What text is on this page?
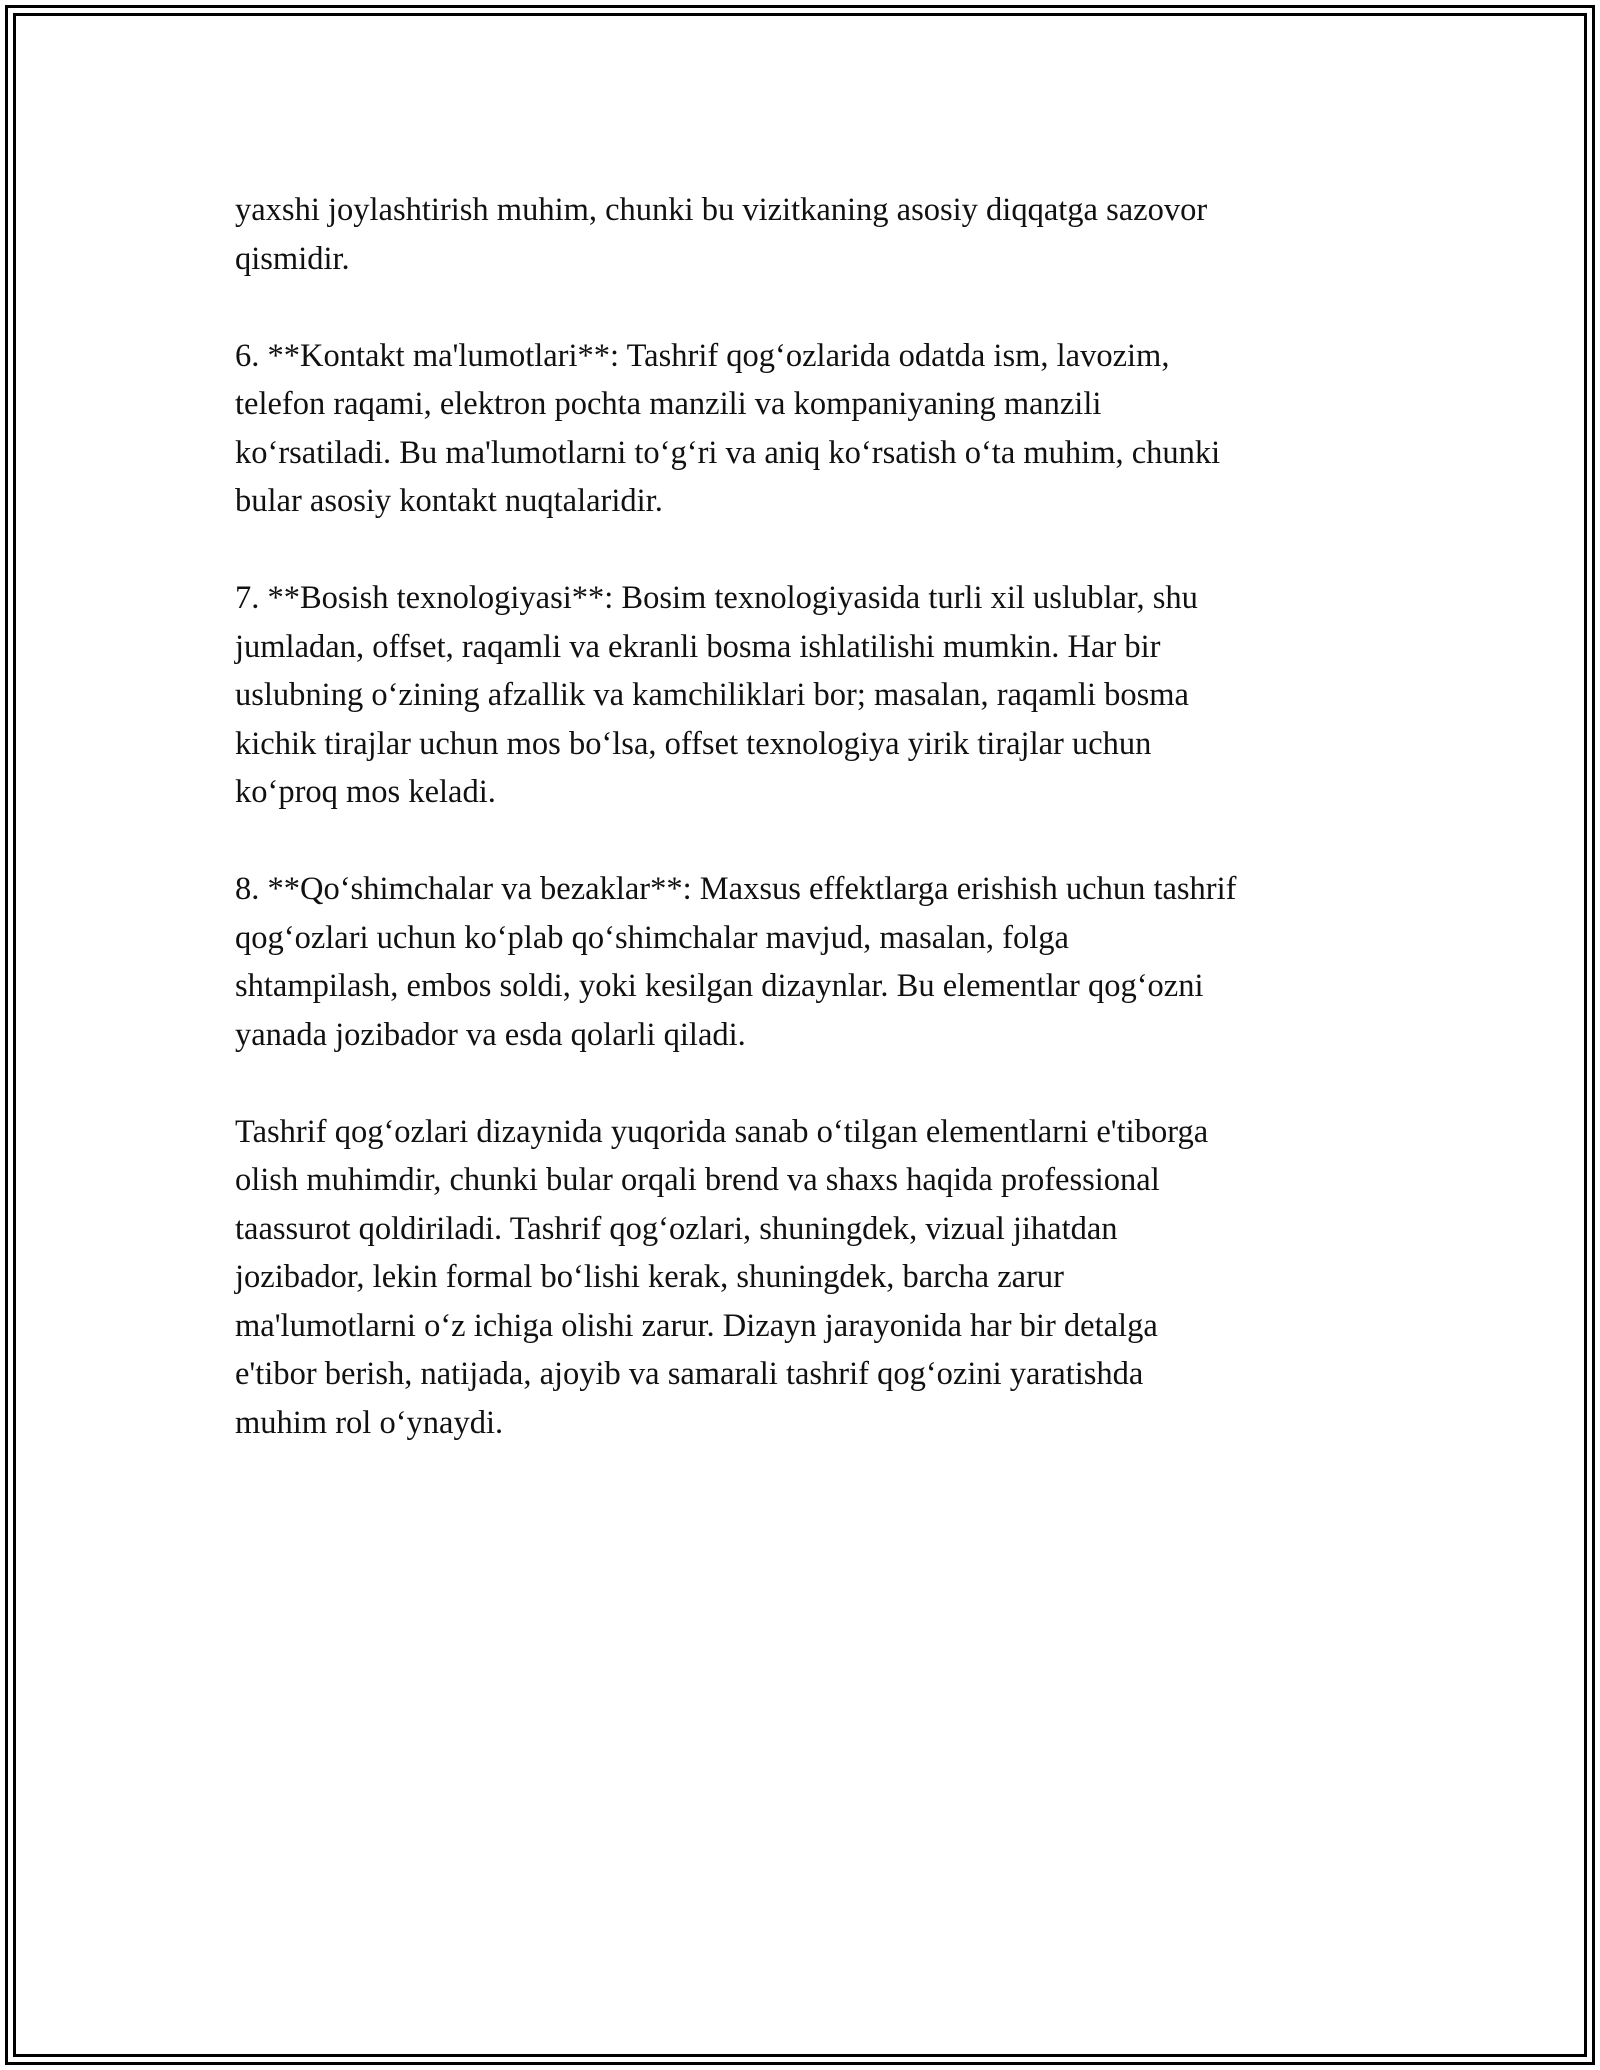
yaxshi joylashtirish muhim, chunki bu vizitkaning asosiy diqqatga sazovor
qismidir.

6. **Kontakt ma'lumotlari**: Tashrif qog‘ozlarida odatda ism, lavozim,
telefon raqami, elektron pochta manzili va kompaniyaning manzili
ko‘rsatiladi. Bu ma'lumotlarni to‘g‘ri va aniq ko‘rsatish o‘ta muhim, chunki
bular asosiy kontakt nuqtalaridir.

7. **Bosish texnologiyasi**: Bosim texnologiyasida turli xil uslublar, shu
jumladan, offset, raqamli va ekranli bosma ishlatilishi mumkin. Har bir
uslubning o‘zining afzallik va kamchiliklari bor; masalan, raqamli bosma
kichik tirajlar uchun mos bo‘lsa, offset texnologiya yirik tirajlar uchun
ko‘proq mos keladi.

8. **Qo‘shimchalar va bezaklar**: Maxsus effektlarga erishish uchun tashrif
qog‘ozlari uchun ko‘plab qo‘shimchalar mavjud, masalan, folga
shtampilash, embos soldi, yoki kesilgan dizaynlar. Bu elementlar qog‘ozni
yanada jozibador va esda qolarli qiladi.

Tashrif qog‘ozlari dizaynida yuqorida sanab o‘tilgan elementlarni e'tiborga
olish muhimdir, chunki bular orqali brend va shaxs haqida professional
taassurot qoldiriladi. Tashrif qog‘ozlari, shuningdek, vizual jihatdan
jozibador, lekin formal bo‘lishi kerak, shuningdek, barcha zarur
ma'lumotlarni o‘z ichiga olishi zarur. Dizayn jarayonida har bir detalga
e'tibor berish, natijada, ajoyib va samarali tashrif qog‘ozini yaratishda
muhim rol o‘ynaydi.
